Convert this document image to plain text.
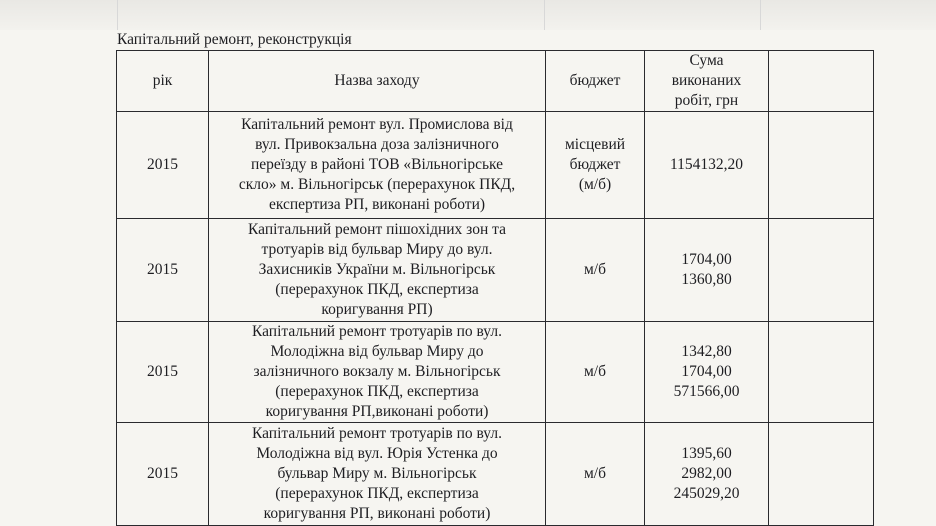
Капітальний ремонт, реконструкція
рік	Назва заходу	бюджет	Сума
виконаних
робіт, грн	

2015	Капітальний ремонт вул. Промислова від
вул. Привокзальна доза залізничного
переїзду в районі ТОВ «Вільногірське
скло» м. Вільногірськ (перерахунок ПКД,
експертиза РП, виконані роботи)	місцевий
бюджет
(м/б)	1154132,20	

2015	Капітальний ремонт пішохідних зон та
тротуарів від бульвар Миру до вул.
Захисників України м. Вільногірськ
(перерахунок ПКД, експертиза
коригування РП)	м/б	1704,00
1360,80	

2015	Капітальний ремонт тротуарів по вул.
Молодіжна від бульвар Миру до
залізничного вокзалу м. Вільногірськ
(перерахунок ПКД, експертиза
коригування РП,виконані роботи)	м/б	1342,80
1704,00
571566,00	

2015	Капітальний ремонт тротуарів по вул.
Молодіжна від вул. Юрія Устенка до
бульвар Миру м. Вільногірськ
(перерахунок ПКД, експертиза
коригування РП, виконані роботи)	м/б	1395,60
2982,00
245029,20	
